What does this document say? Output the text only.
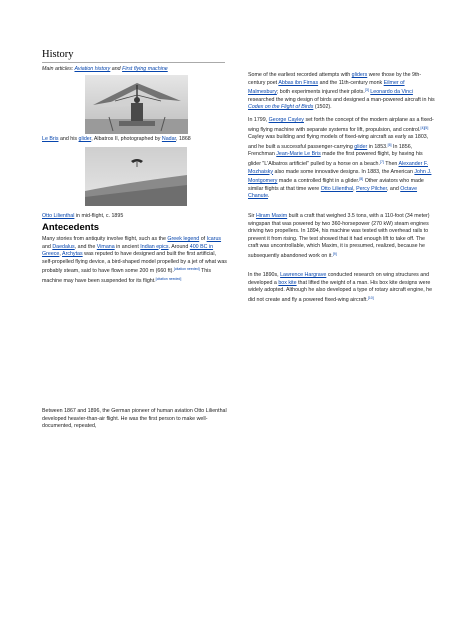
History
Main articles: Aviation history and First flying machine
Le Bris and his glider, Albatros II, photographed by Nadar, 1868
Otto Lilienthal in mid-flight, c. 1895
Antecedents

Many stories from antiquity involve flight, such as the Greek legend of Icarus and Daedalus, and the Vimana in ancient Indian epics. Around 400 BC in Greece, Archytas was reputed to have designed and built the first artificial, self-propelled flying device, a bird-shaped model propelled by a jet of what was probably steam, said to have flown some 200 m (660 ft).[citation needed] This machine may have been suspended for its flight.[citation needed]

Between 1867 and 1896, the German pioneer of human aviation Otto Lilienthal developed heavier-than-air flight. He was the first person to make well-documented, repeated,

Some of the earliest recorded attempts with gliders were those by the 9th-century poet Abbas ibn Firnas and the 11th-century monk Eilmer of Malmesbury; both experiments injured their pilots.[3] Leonardo da Vinci researched the wing design of birds and designed a man-powered aircraft in his Codex on the Flight of Birds (1502).

In 1799, George Cayley set forth the concept of the modern airplane as a fixed-wing flying machine with separate systems for lift, propulsion, and control.[4][5] Cayley was building and flying models of fixed-wing aircraft as early as 1803, and he built a successful passenger-carrying glider in 1853.[6] In 1856, Frenchman Jean-Marie Le Bris made the first powered flight, by having his glider "L'Albatros artificiel" pulled by a horse on a beach.[7] Then Alexander F. Mozhaisky also made some innovative designs. In 1883, the American John J. Montgomery made a controlled flight in a glider.[8] Other aviators who made similar flights at that time were Otto Lilienthal, Percy Pilcher, and Octave Chanute.

Sir Hiram Maxim built a craft that weighed 3.5 tons, with a 110-foot (34 meter) wingspan that was powered by two 360-horsepower (270 kW) steam engines driving two propellers. In 1894, his machine was tested with overhead rails to prevent it from rising. The test showed that it had enough lift to take off. The craft was uncontrollable, which Maxim, it is presumed, realized, because he subsequently abandoned work on it.[9]

In the 1890s, Lawrence Hargrave conducted research on wing structures and developed a box kite that lifted the weight of a man. His box kite designs were widely adopted. Although he also developed a type of rotary aircraft engine, he did not create and fly a powered fixed-wing aircraft.[10]
